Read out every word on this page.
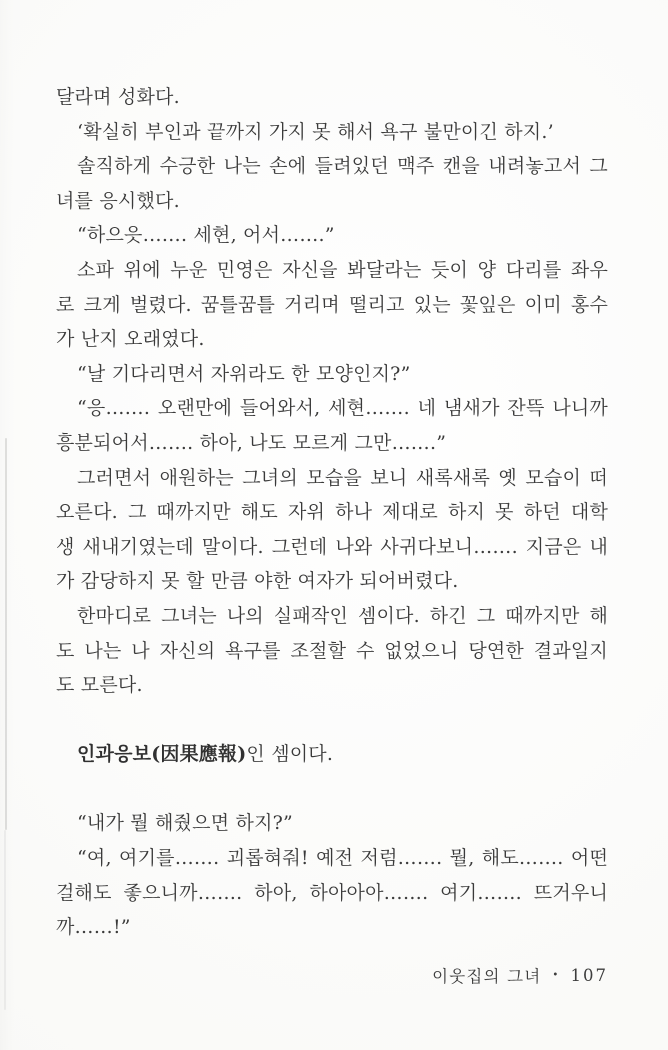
달라며 성화다.
‘확실히 부인과 끝까지 가지 못 해서 욕구 불만이긴 하지.’
솔직하게 수긍한 나는 손에 들려있던 맥주 캔을 내려놓고서 그
녀를 응시했다.
“하으읏……. 세현, 어서…….”
소파 위에 누운 민영은 자신을 봐달라는 듯이 양 다리를 좌우
로 크게 벌렸다. 꿈틀꿈틀 거리며 떨리고 있는 꽃잎은 이미 홍수
가 난지 오래였다.
“날 기다리면서 자위라도 한 모양인지?”
“응……. 오랜만에 들어와서, 세현……. 네 냄새가 잔뜩 나니까
흥분되어서……. 하아, 나도 모르게 그만…….”
그러면서 애원하는 그녀의 모습을 보니 새록새록 옛 모습이 떠
오른다. 그 때까지만 해도 자위 하나 제대로 하지 못 하던 대학
생 새내기였는데 말이다. 그런데 나와 사귀다보니……. 지금은 내
가 감당하지 못 할 만큼 야한 여자가 되어버렸다.
한마디로 그녀는 나의 실패작인 셈이다. 하긴 그 때까지만 해
도 나는 나 자신의 욕구를 조절할 수 없었으니 당연한 결과일지
도 모른다.
인과응보(因果應報)인 셈이다.
“내가 뭘 해줬으면 하지?”
“여, 여기를……. 괴롭혀줘! 예전 저럼……. 뭘, 해도……. 어떤
걸해도 좋으니까……. 하아, 하아아아……. 여기……. 뜨거우니
까……!”
이웃집의 그녀 • 107
